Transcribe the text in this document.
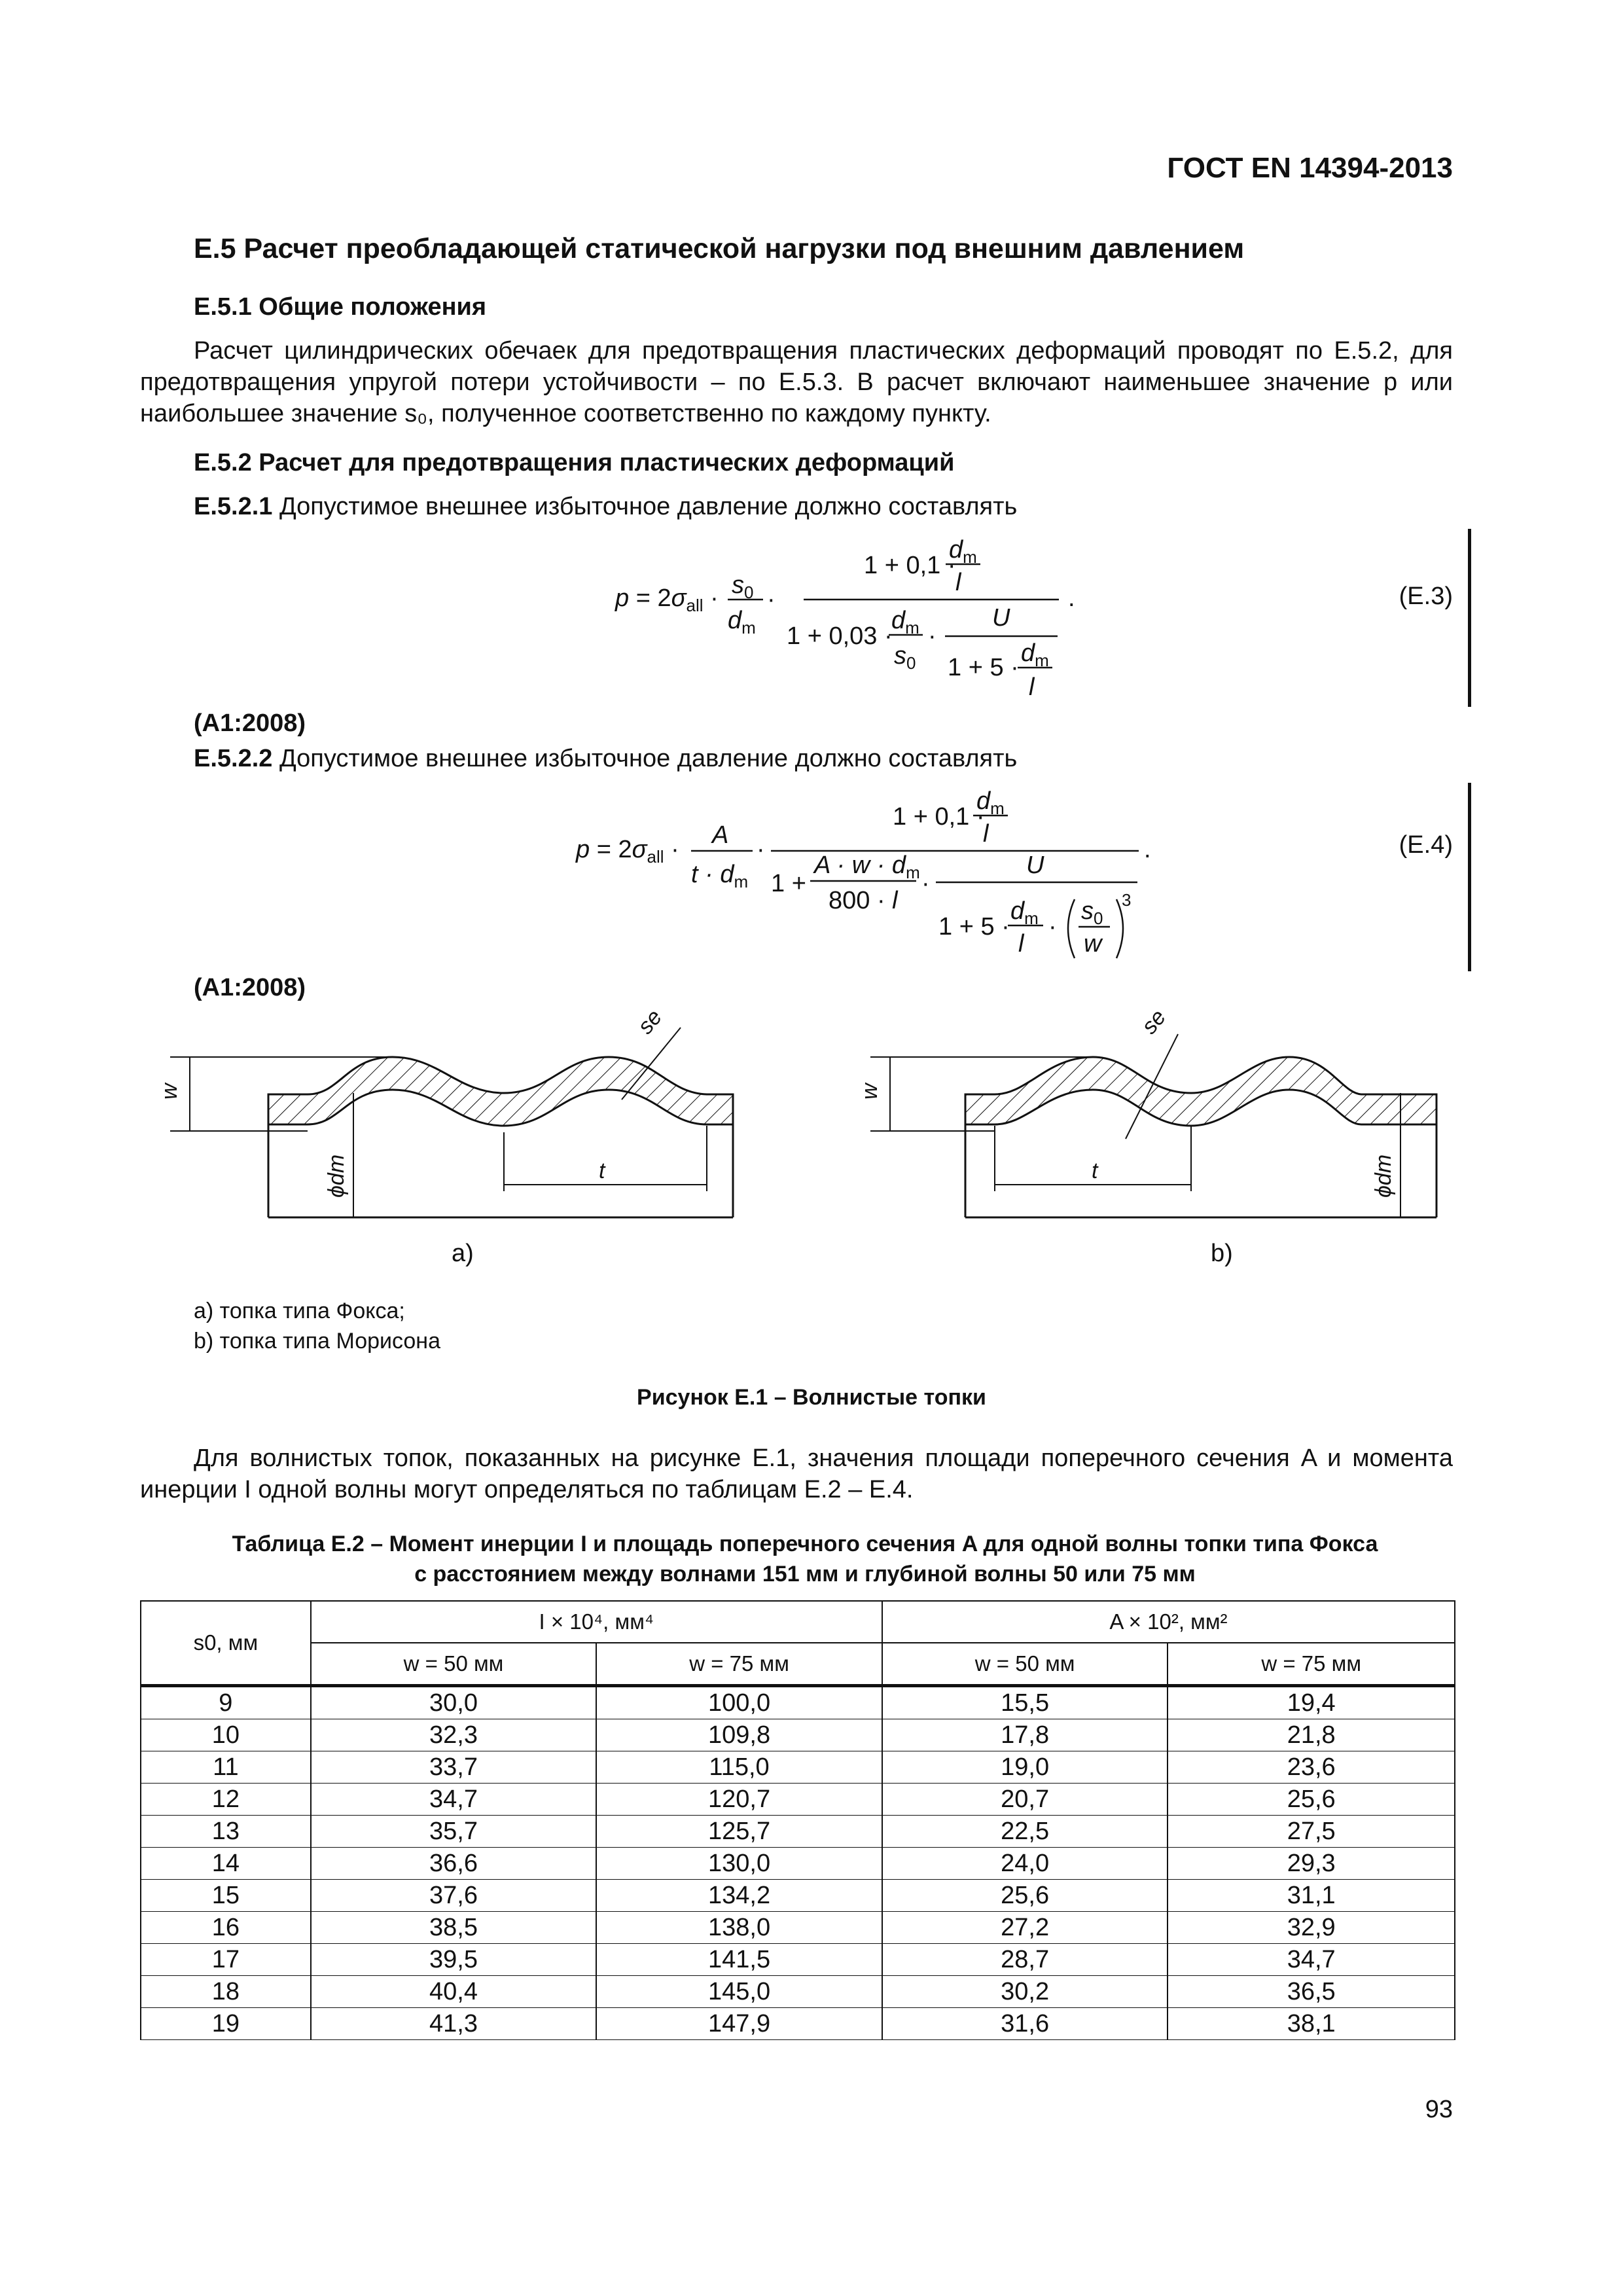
ГОСТ EN 14394-2013
Е.5 Расчет преобладающей статической нагрузки под внешним давлением
Е.5.1 Общие положения
Расчет цилиндрических обечаек для предотвращения пластических деформаций проводят по Е.5.2, для предотвращения упругой потери устойчивости – по Е.5.3. В расчет включают наименьшее значение p или наибольшее значение s₀, полученное соответственно по каждому пункту.
Е.5.2 Расчет для предотвращения пластических деформаций
Е.5.2.1 Допустимое внешнее избыточное давление должно составлять
$p = 2\sigma_{all} \cdot s_0$
$d_m$
·
1 + 0,1 ·
$d_m$
l
1 + 0,03 ·
$d_m$
$s_0$
·
U
1 + 5 ·
$d_m$
l
.	(Е.3)
(A1:2008)
Е.5.2.2 Допустимое внешнее избыточное давление должно составлять
$p = 2\sigma_{all}$ ·
A
$t \cdot d_m$
·
1 + 0,1 ·
$d_m$
l
1 +
$A \cdot w \cdot d_m$
800 · l
·
U
1 + 5 ·
$d_m$
l
·
$s_0$
w
3
.	(Е.4)
(A1:2008)
w
ϕdm	t
se
w
ϕdm
t
se
a)	b)
a) топка типа Фокса;
b) топка типа Морисона
Рисунок Е.1 – Волнистые топки
Для волнистых топок, показанных на рисунке Е.1, значения площади поперечного сечения A и момента инерции I одной волны могут определяться по таблицам Е.2 – Е.4.
Таблица Е.2 – Момент инерции I и площадь поперечного сечения A для одной волны топки типа Фокса
с расстоянием между волнами 151 мм и глубиной волны 50 или 75 мм
s0, мм	I × 10⁴, мм⁴		A × 10², мм²	
	w = 50 мм	w = 75 мм	w = 50 мм	w = 75 мм
9	30,0	100,0	15,5	19,4
10	32,3	109,8	17,8	21,8
11	33,7	115,0	19,0	23,6
12	34,7	120,7	20,7	25,6
13	35,7	125,7	22,5	27,5
14	36,6	130,0	24,0	29,3
15	37,6	134,2	25,6	31,1
16	38,5	138,0	27,2	32,9
17	39,5	141,5	28,7	34,7
18	40,4	145,0	30,2	36,5
19	41,3	147,9	31,6	38,1
93
